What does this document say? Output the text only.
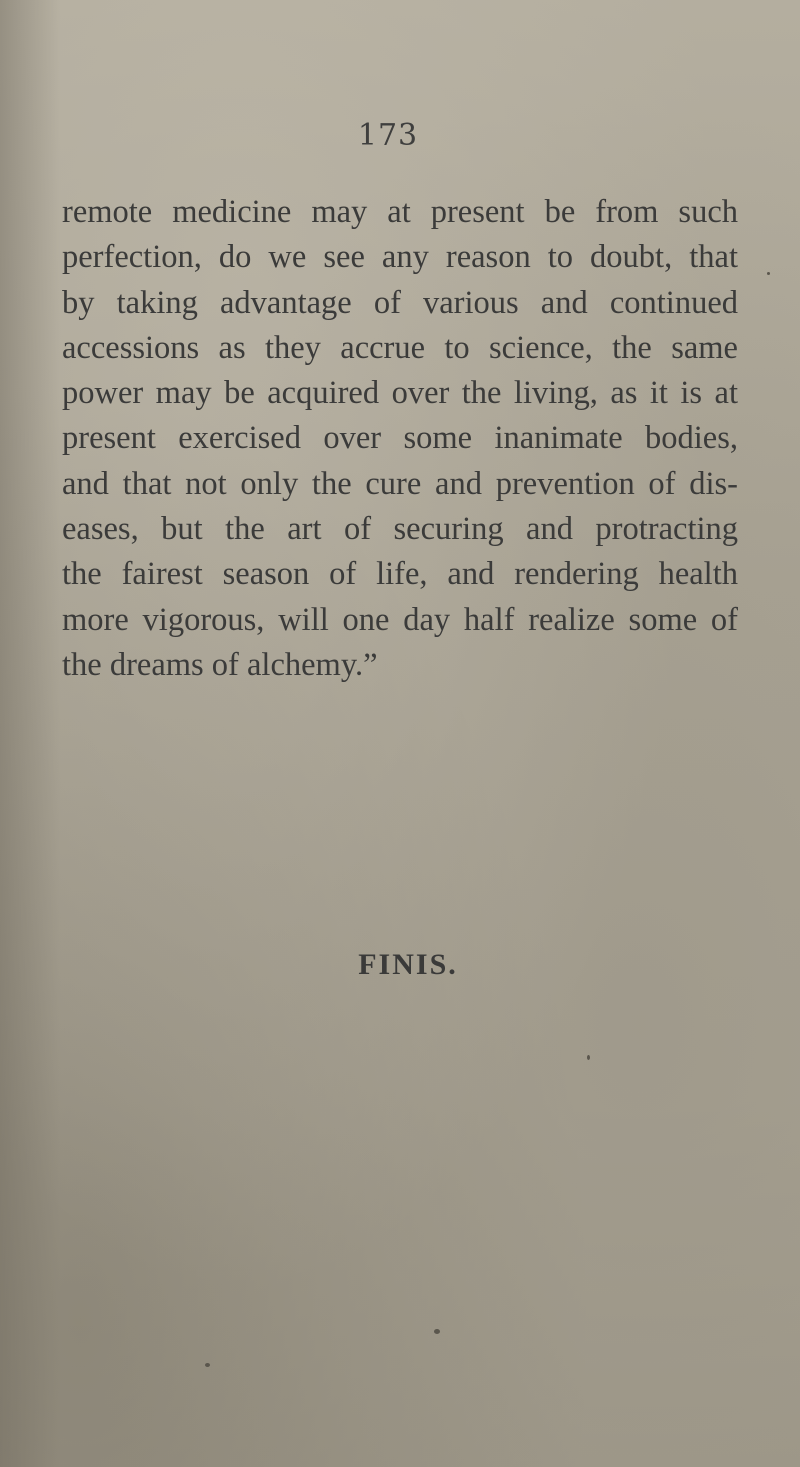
173
remote medicine may at present be from such
perfection, do we see any reason to doubt, that
by taking advantage of various and continued
accessions as they accrue to science, the same
power may be acquired over the living, as it is at
present exercised over some inanimate bodies,
and that not only the cure and prevention of dis-
eases, but the art of securing and protracting
the fairest season of life, and rendering health
more vigorous, will one day half realize some of
the dreams of alchemy.”
FINIS.
